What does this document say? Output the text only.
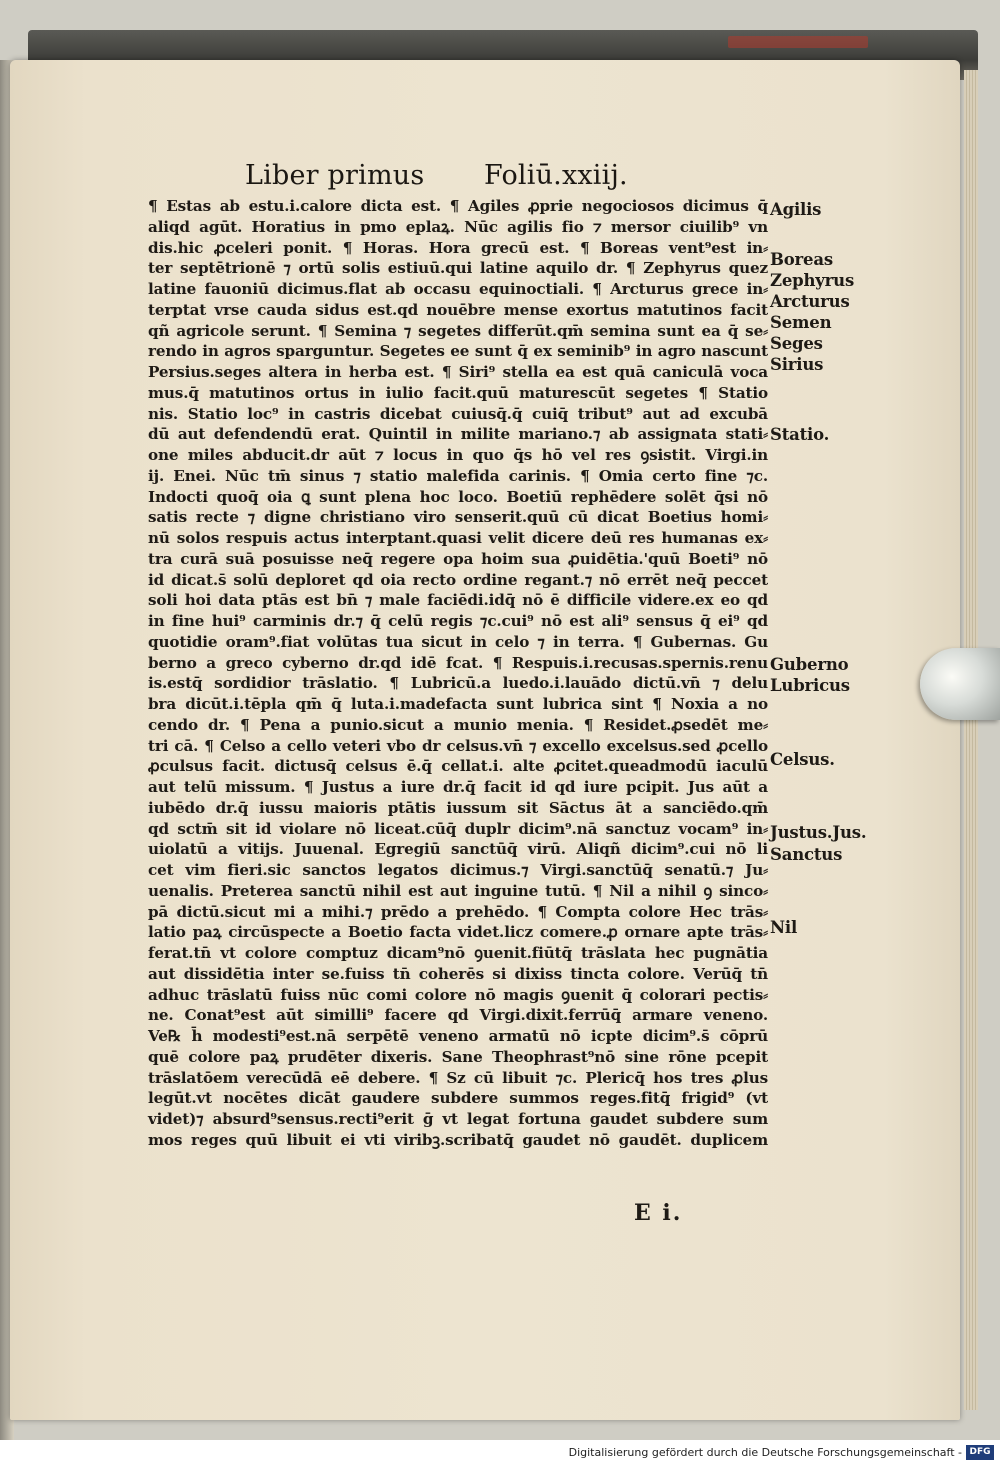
Liber primus Foliū.xxiij.
¶ Estas ab estu.i.calore dicta est. ¶ Agiles ꝓprie negociosos dicimus q̄
aliqd agūt. Horatius in pmo eplaꝝ. Nūc agilis fio ⁊ mersor ciuilib⁹ vn
dis.hic ꝓceleri ponit. ¶ Horas. Hora grecū est. ¶ Boreas vent⁹est in⸗
ter septētrionē ⁊ ortū solis estiuū.qui latine aquilo dr. ¶ Zephyrus quez
latine fauoniū dicimus.flat ab occasu equinoctiali. ¶ Arcturus grece in⸗
terptat vrse cauda sidus est.qd nouēbre mense exortus matutinos facit
qñ agricole serunt. ¶ Semina ⁊ segetes differūt.qm̄ semina sunt ea q̄ se⸗
rendo in agros sparguntur. Segetes ee sunt q̄ ex seminib⁹ in agro nascunt
Persius.seges altera in herba est. ¶ Siri⁹ stella ea est quā caniculā voca
mus.q̄ matutinos ortus in iulio facit.quū maturescūt segetes ¶ Statio
nis. Statio loc⁹ in castris dicebat cuiusq̄.q̄ cuiq̄ tribut⁹ aut ad excubā
dū aut defendendū erat. Quintil in milite mariano.⁊ ab assignata stati⸗
one miles abducit.dr aūt ⁊ locus in quo q̄s hō vel res ꝯsistit. Virgi.in
ij. Enei. Nūc tm̄ sinus ⁊ statio malefida carinis. ¶ Omia certo fine ⁊c.
Indocti quoq̄ oia ꝗ sunt plena hoc loco. Boetiū rephēdere solēt q̄si nō
satis recte ⁊ digne christiano viro senserit.quū cū dicat Boetius homi⸗
nū solos respuis actus interptant.quasi velit dicere deū res humanas ex⸗
tra curā suā posuisse neq̄ regere opa hoim sua ꝓuidētia.'quū Boeti⁹ nō
id dicat.s̄ solū deploret qd oia recto ordine regant.⁊ nō errēt neq̄ peccet
soli hoi data ptās est bn̄ ⁊ male faciēdi.idq̄ nō ē difficile videre.ex eo qd
in fine hui⁹ carminis dr.⁊ q̄ celū regis ⁊c.cui⁹ nō est ali⁹ sensus q̄ ei⁹ qd
quotidie oram⁹.fiat volūtas tua sicut in celo ⁊ in terra. ¶ Gubernas. Gu
berno a greco cyberno dr.qd idē fcat. ¶ Respuis.i.recusas.spernis.renu
is.estq̄ sordidior trāslatio. ¶ Lubricū.a luedo.i.lauādo dictū.vn̄ ⁊ delu
bra dicūt.i.tēpla qm̄ q̄ luta.i.madefacta sunt lubrica sint ¶ Noxia a no
cendo dr. ¶ Pena a punio.sicut a munio menia. ¶ Residet.ꝓsedēt me⸗
tri cā. ¶ Celso a cello veteri vbo dr celsus.vn̄ ⁊ excello excelsus.sed ꝓcello
ꝓculsus facit. dictusq̄ celsus ē.q̄ cellat.i. alte ꝓcitet.queadmodū iaculū
aut telū missum. ¶ Justus a iure dr.q̄ facit id qd iure pcipit. Jus aūt a
iubēdo dr.q̄ iussu maioris ptātis iussum sit Sāctus āt a sanciēdo.qm̄
qd sctm̄ sit id violare nō liceat.cūq̄ duplr dicim⁹.nā sanctuz vocam⁹ in⸗
uiolatū a vitijs. Juuenal. Egregiū sanctūq̄ virū. Aliqñ dicim⁹.cui nō li
cet vim fieri.sic sanctos legatos dicimus.⁊ Virgi.sanctūq̄ senatū.⁊ Ju⸗
uenalis. Preterea sanctū nihil est aut inguine tutū. ¶ Nil a nihil ꝯ sinco⸗
pā dictū.sicut mi a mihi.⁊ prēdo a prehēdo. ¶ Compta colore Hec trās⸗
latio paꝝ circūspecte a Boetio facta videt.licz comere.ꝓ ornare apte trās⸗
ferat.tn̄ vt colore comptuz dicam⁹nō ꝯuenit.fiūtq̄ trāslata hec pugnātia
aut dissidētia inter se.fuiss tn̄ coherēs si dixiss tincta colore. Verūq̄ tn̄
adhuc trāslatū fuiss nūc comi colore nō magis ꝯuenit q̄ colorari pectis⸗
ne. Conat⁹est aūt similli⁹ facere qd Virgi.dixit.ferrūq̄ armare veneno.
Ve℞ h̄ modesti⁹est.nā serpētē veneno armatū nō icpte dicim⁹.s̄ cōprū
quē colore paꝝ prudēter dixeris. Sane Theophrast⁹nō sine rōne pcepit
trāslatōem verecūdā eē debere. ¶ Sz cū libuit ⁊c. Plericq̄ hos tres ꝓlus
legūt.vt nocētes dicāt gaudere subdere summos reges.fitq̄ frigid⁹ (vt
videt)⁊ absurd⁹sensus.recti⁹erit ḡ vt legat fortuna gaudet subdere sum
mos reges quū libuit ei vti viribꝫ.scribatq̄ gaudet nō gaudēt. duplicem
Agilis
Boreas
Zephyrus
Arcturus
Semen
Seges
Sirius
Statio.
Guberno
Lubricus
Celsus.
Justus.Jus.
Sanctus
Nil
E i.
Digitalisierung gefördert durch die Deutsche Forschungsgemeinschaft - DFG
